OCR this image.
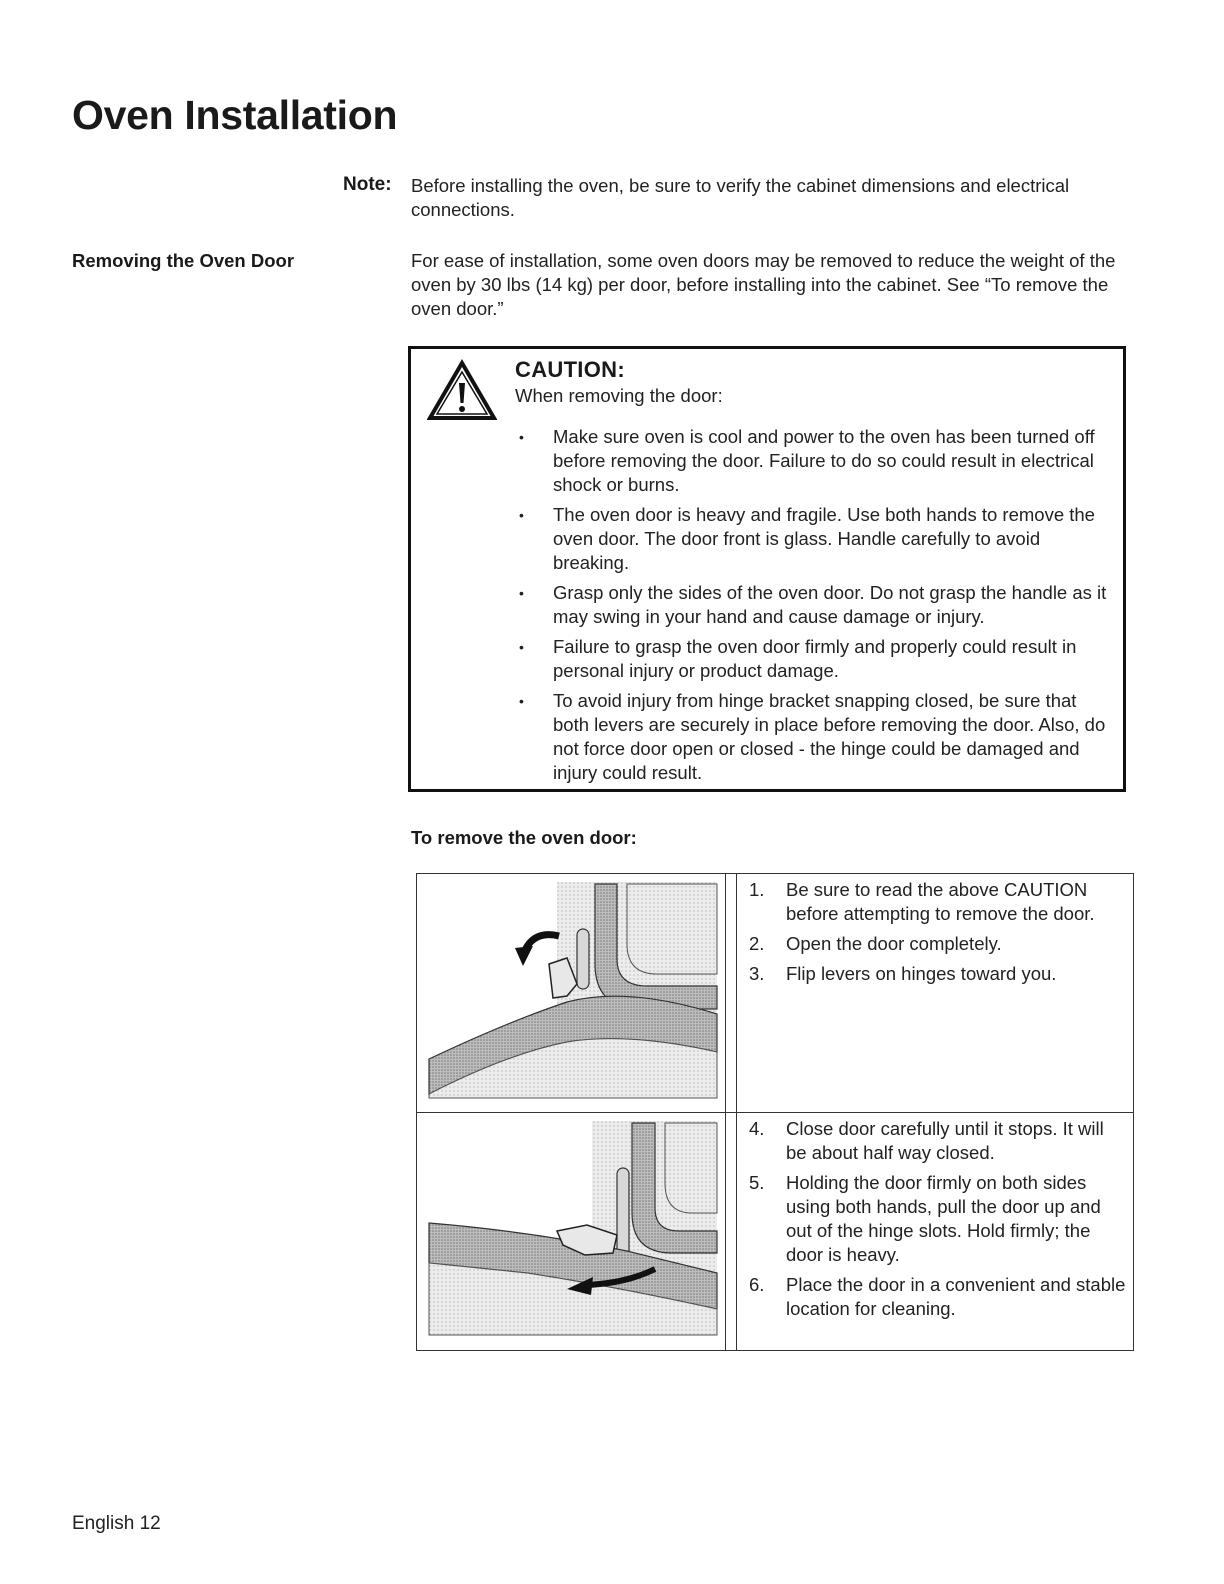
Oven Installation
Note: Before installing the oven, be sure to verify the cabinet dimensions and electrical connections.
Removing the Oven Door	For ease of installation, some oven doors may be removed to reduce the weight of the oven by 30 lbs (14 kg) per door, before installing into the cabinet. See “To remove the oven door.”
CAUTION:
When removing the door:
• Make sure oven is cool and power to the oven has been turned off before removing the door. Failure to do so could result in electrical shock or burns.
• The oven door is heavy and fragile. Use both hands to remove the oven door. The door front is glass. Handle carefully to avoid breaking.
• Grasp only the sides of the oven door. Do not grasp the handle as it may swing in your hand and cause damage or injury.
• Failure to grasp the oven door firmly and properly could result in personal injury or product damage.
• To avoid injury from hinge bracket snapping closed, be sure that both levers are securely in place before removing the door. Also, do not force door open or closed - the hinge could be damaged and injury could result.
To remove the oven door:
1. Be sure to read the above CAUTION before attempting to remove the door.
2. Open the door completely.
3. Flip levers on hinges toward you.
4. Close door carefully until it stops. It will be about half way closed.
5. Holding the door firmly on both sides using both hands, pull the door up and out of the hinge slots. Hold firmly; the door is heavy.
6. Place the door in a convenient and stable location for cleaning.
English 12
